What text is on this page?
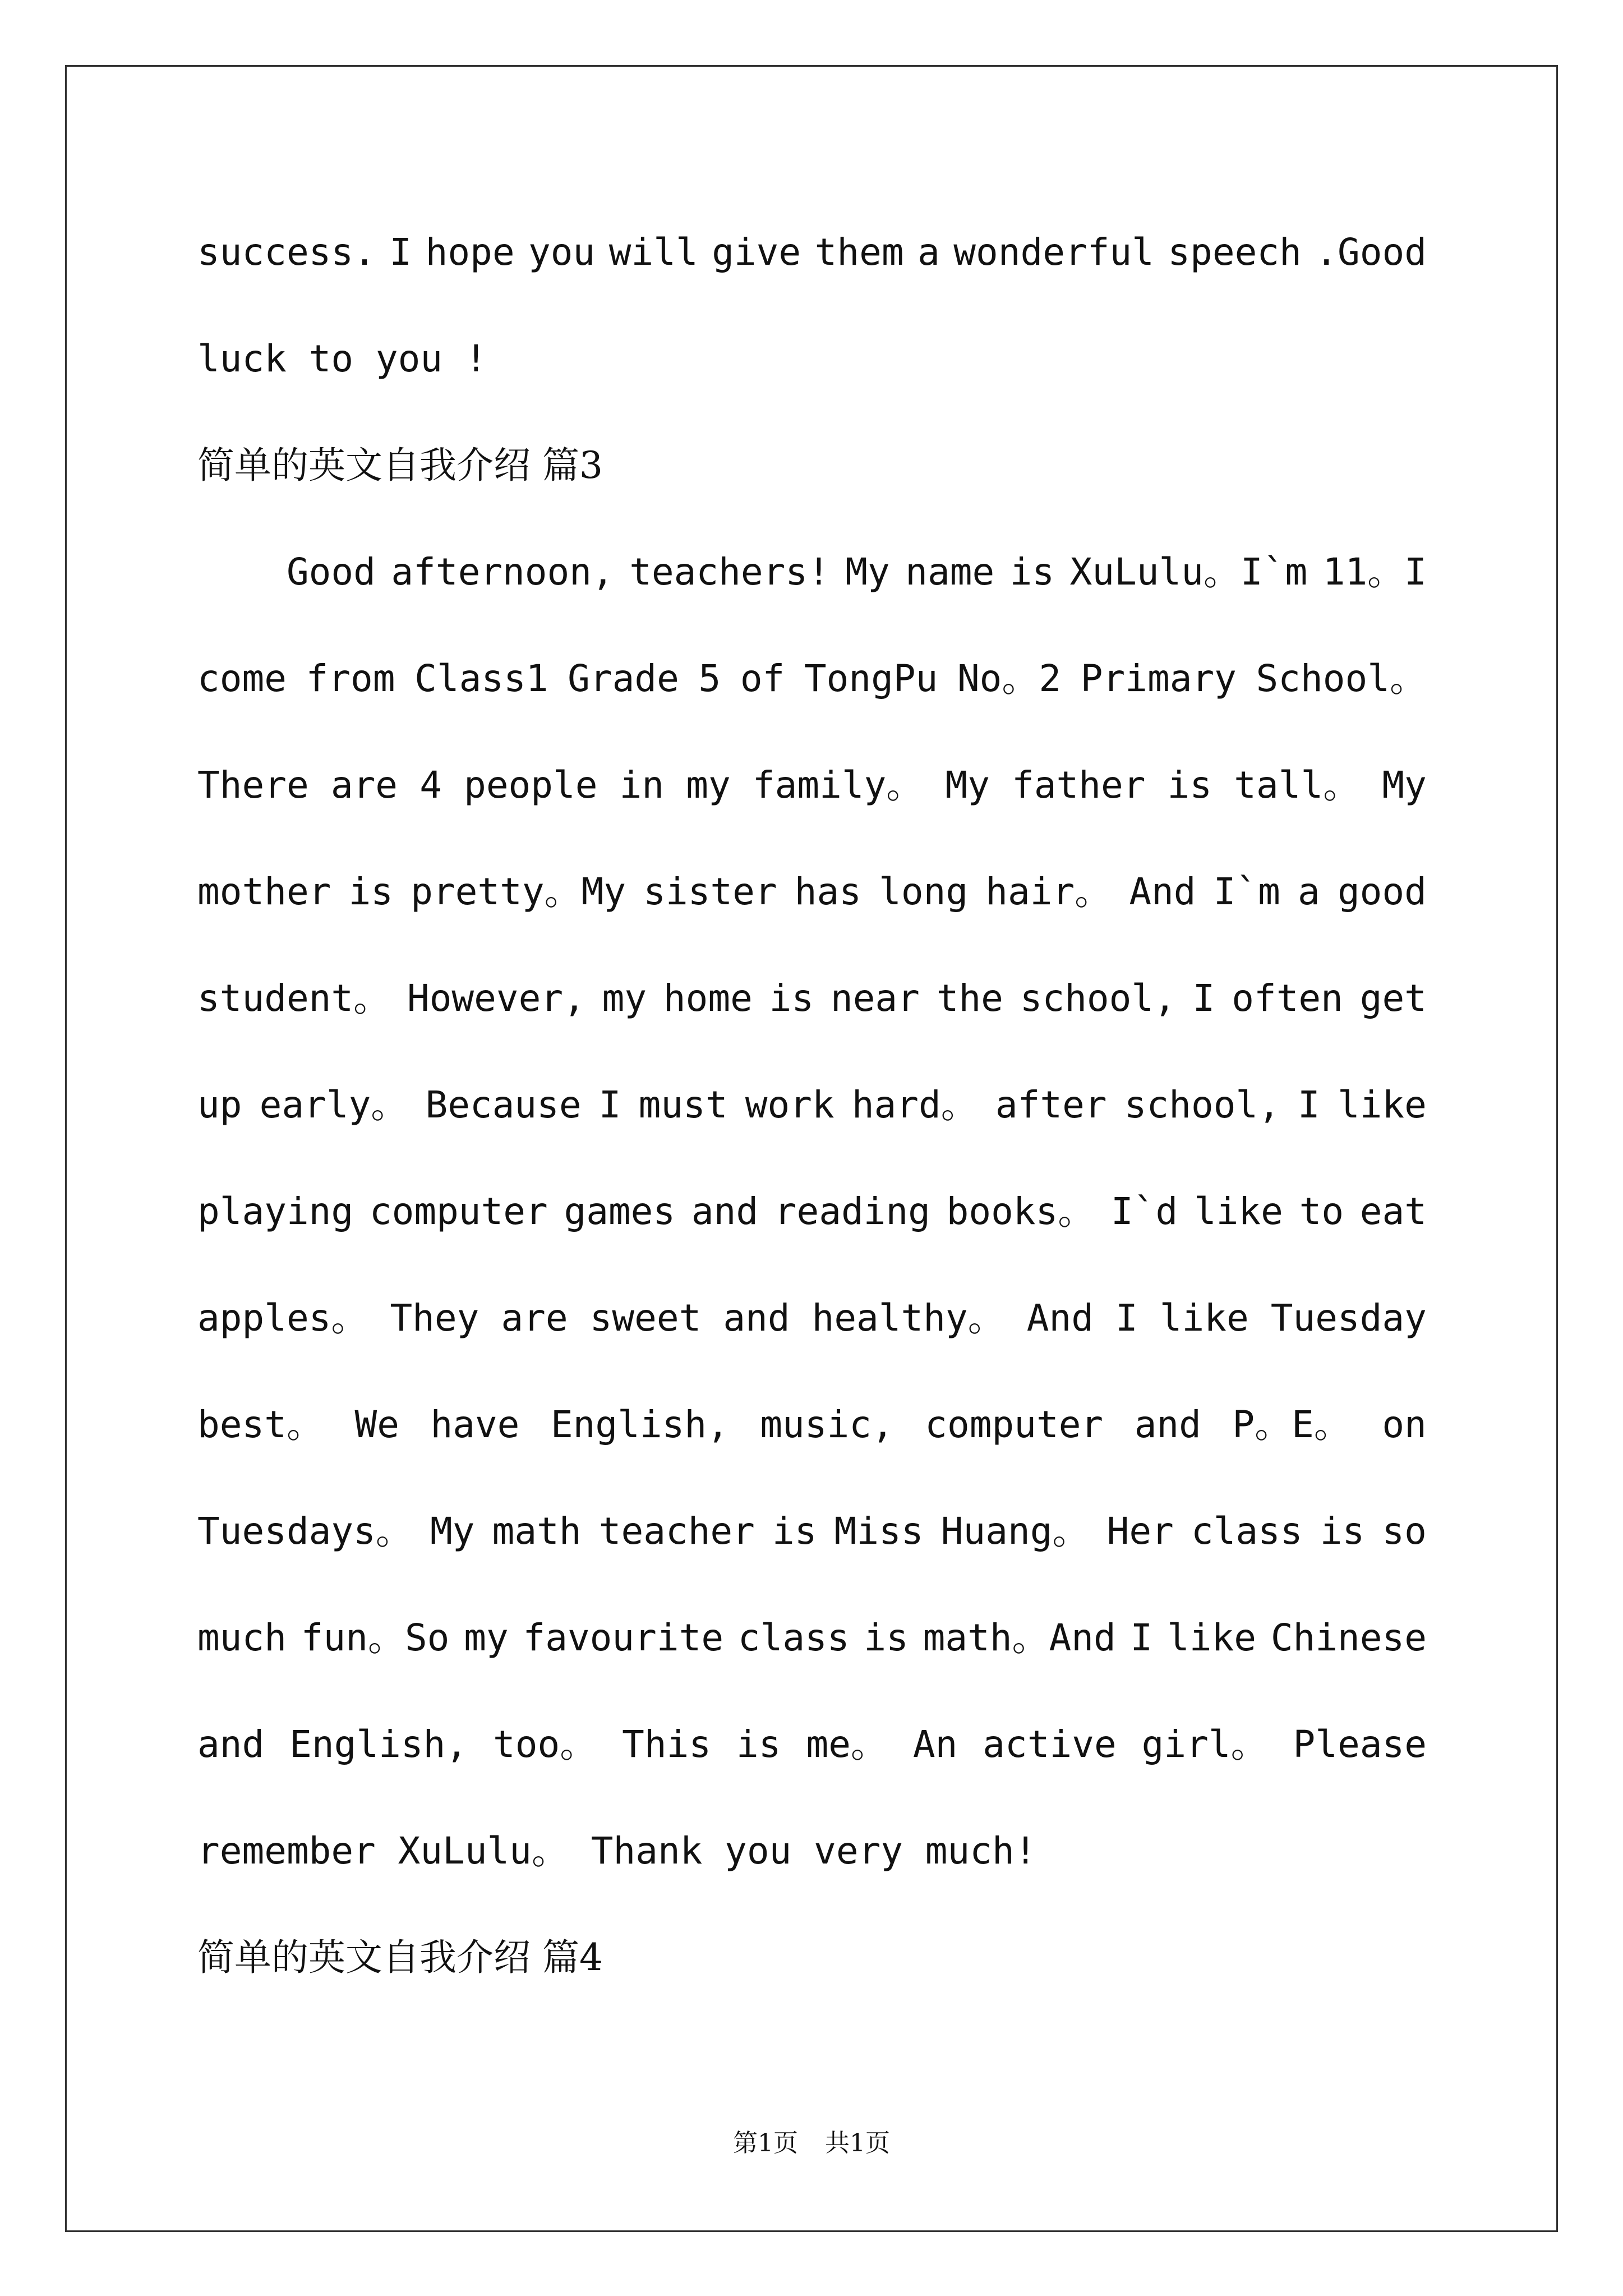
success. I hope you will give them a wonderful speech .Good

luck to you !

简单的英文自我介绍 篇3

Good afternoon, teachers! My name is XuLulu。I`m 11。I

come from Class1 Grade 5 of TongPu No。2 Primary School。

There are 4 people in my family。 My father is tall。 My

mother is pretty。My sister has long hair。 And I`m a good

student。 However, my home is near the school, I often get

up early。 Because I must work hard。 after school, I like

playing computer games and reading books。 I`d like to eat

apples。 They are sweet and healthy。 And I like Tuesday

best。 We have English, music, computer and P。E。 on

Tuesdays。 My math teacher is Miss Huang。 Her class is so

much fun。So my favourite class is math。And I like Chinese

and English, too。 This is me。 An active girl。 Please

remember XuLulu。 Thank you very much!

简单的英文自我介绍 篇4

第1页 共1页
